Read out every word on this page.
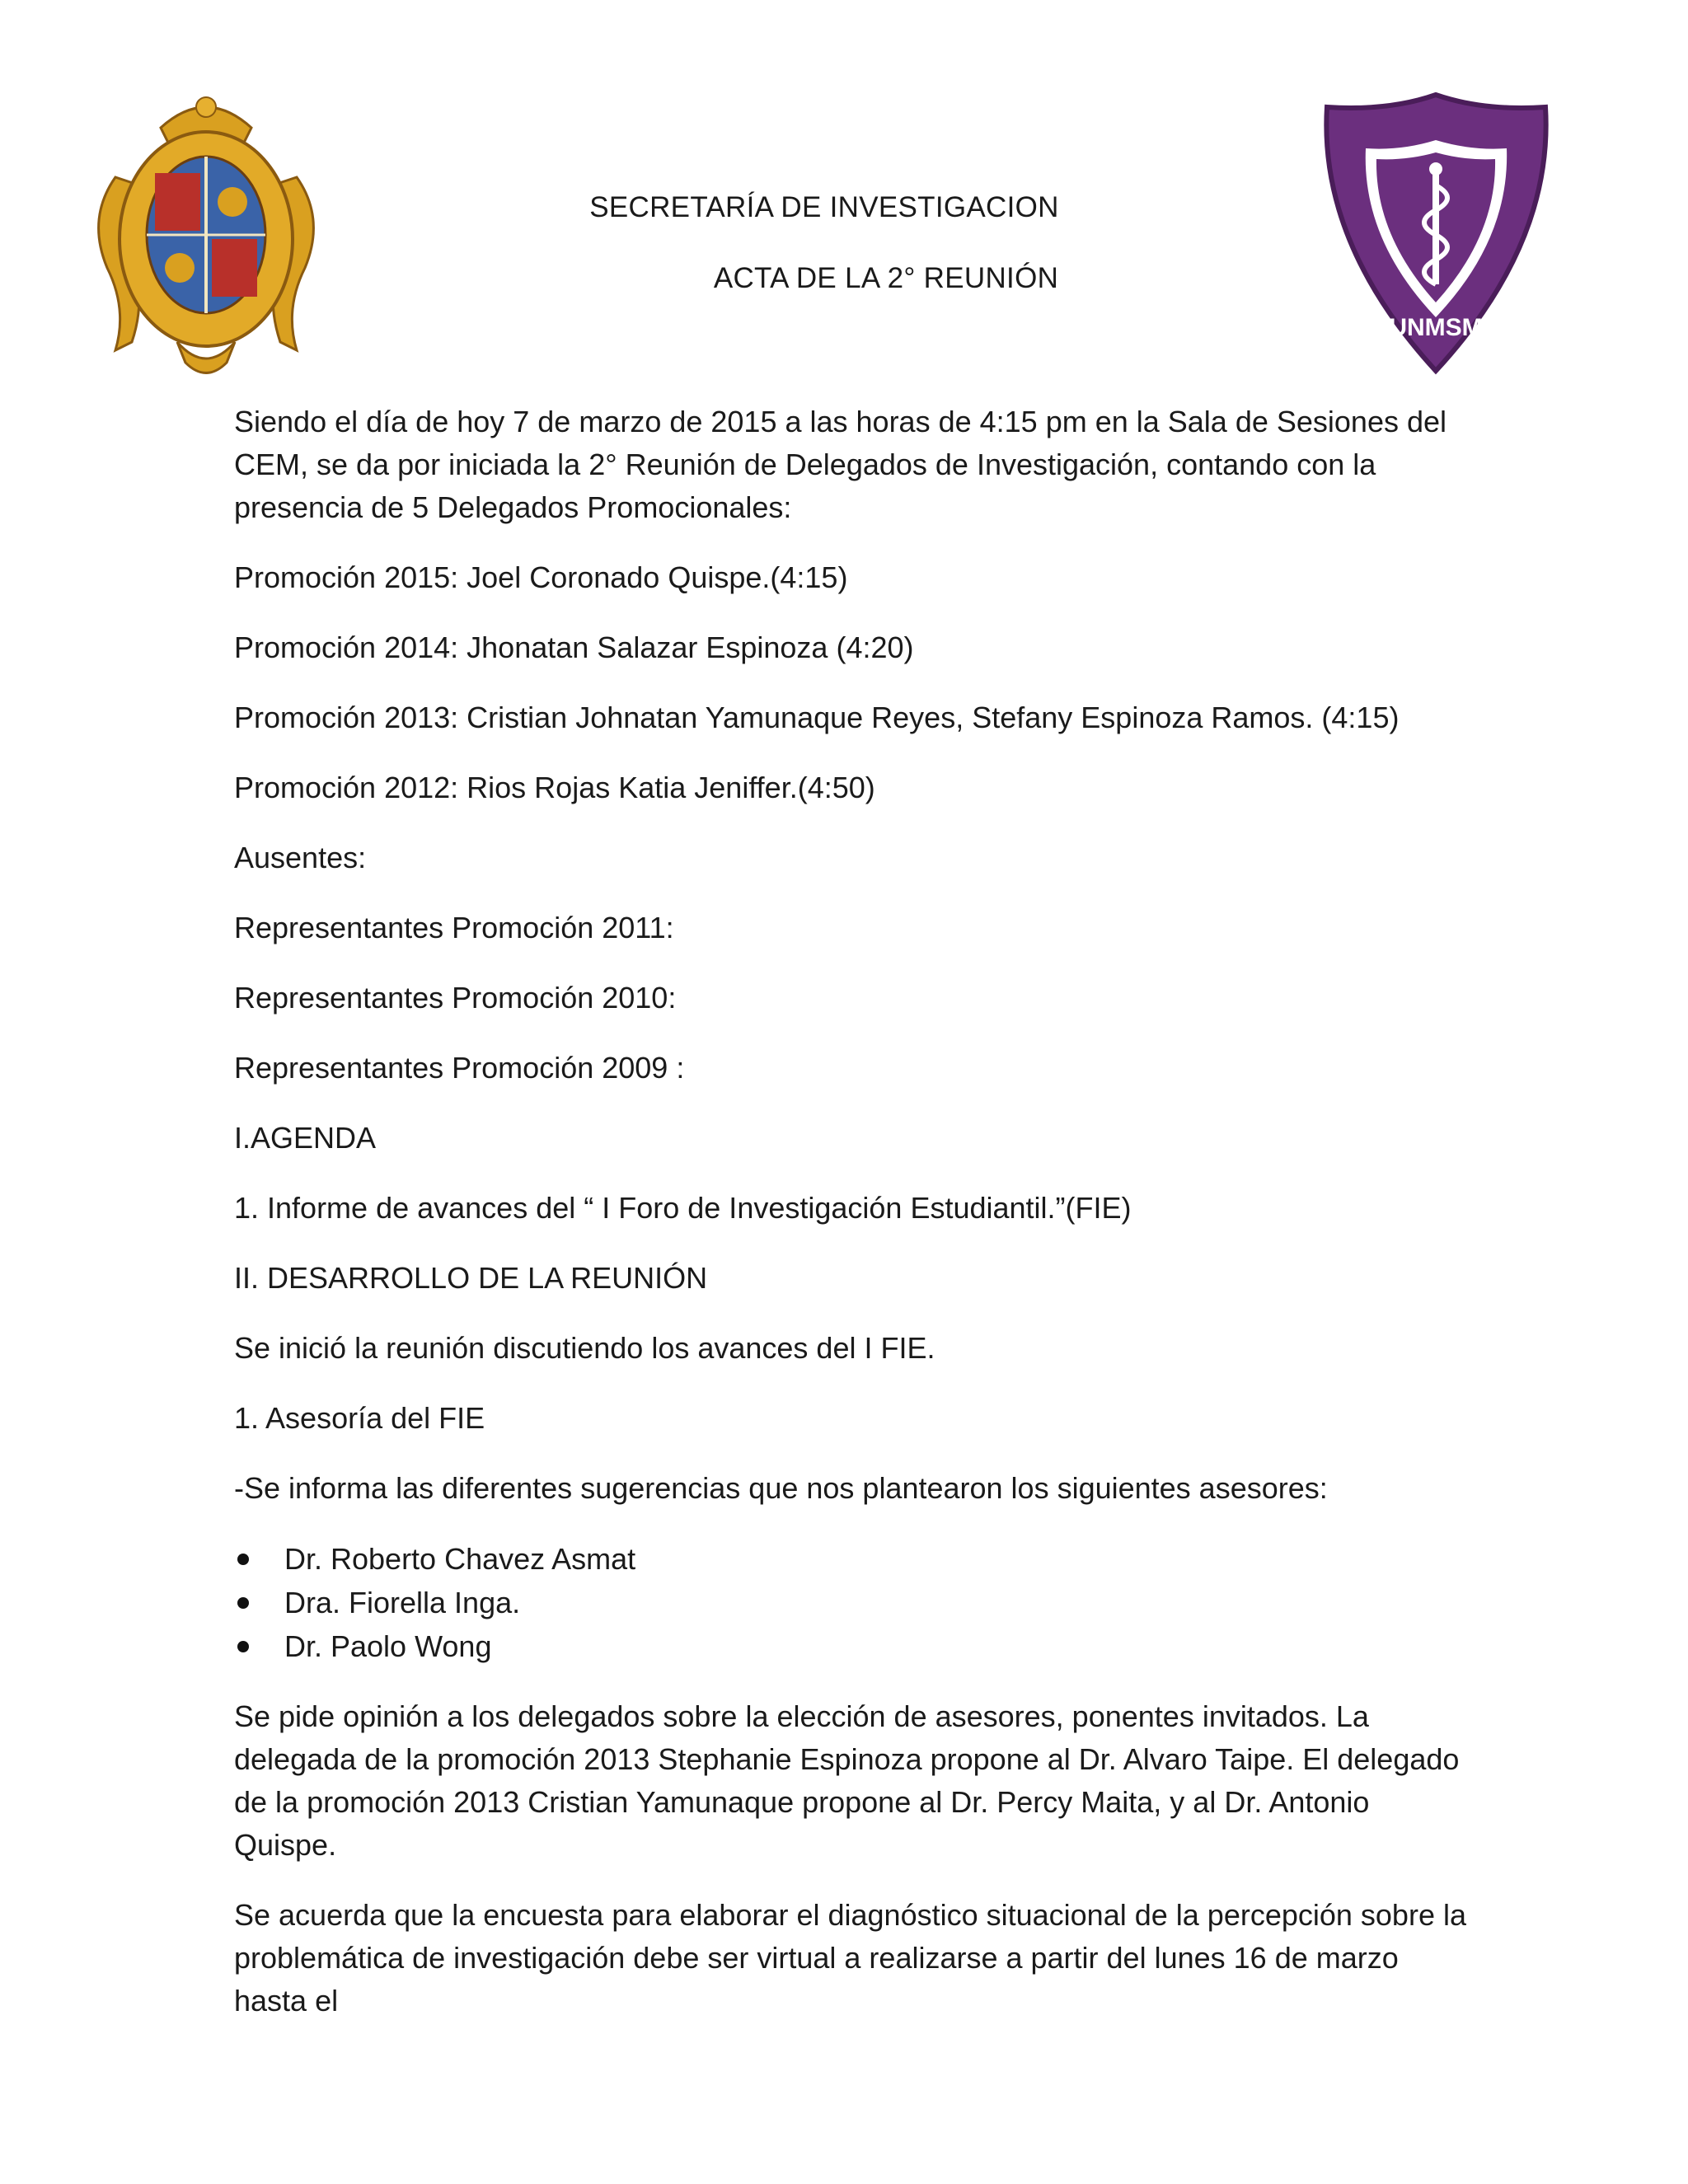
SECRETARÍA DE INVESTIGACION
ACTA DE LA 2° REUNIÓN
UNMSM

Siendo el día de hoy 7 de marzo de 2015 a las horas de 4:15 pm en la Sala de Sesiones del CEM, se da por iniciada la 2° Reunión de Delegados de Investigación, contando con la presencia de 5 Delegados Promocionales:

Promoción 2015: Joel Coronado Quispe.(4:15)

Promoción 2014: Jhonatan Salazar Espinoza (4:20)

Promoción 2013: Cristian Johnatan Yamunaque Reyes, Stefany Espinoza Ramos. (4:15)

Promoción 2012: Rios Rojas Katia Jeniffer.(4:50)

Ausentes:

Representantes Promoción 2011:

Representantes Promoción 2010:

Representantes Promoción 2009 :

I.AGENDA

1. Informe de avances del “ I Foro de Investigación Estudiantil.”(FIE)

II. DESARROLLO DE LA REUNIÓN

Se inició la reunión discutiendo los avances del I FIE.

1. Asesoría del FIE

-Se informa las diferentes sugerencias que nos plantearon los siguientes asesores:

Dr. Roberto Chavez Asmat
Dra. Fiorella Inga.
Dr. Paolo Wong

Se pide opinión a los delegados sobre la elección de asesores, ponentes invitados. La delegada de la promoción 2013 Stephanie Espinoza propone al Dr. Alvaro Taipe. El delegado de la promoción 2013 Cristian Yamunaque propone al Dr. Percy Maita, y al Dr. Antonio Quispe.

Se acuerda que la encuesta para elaborar el diagnóstico situacional de la percepción sobre la problemática de investigación debe ser virtual a realizarse a partir del lunes 16 de marzo hasta el
